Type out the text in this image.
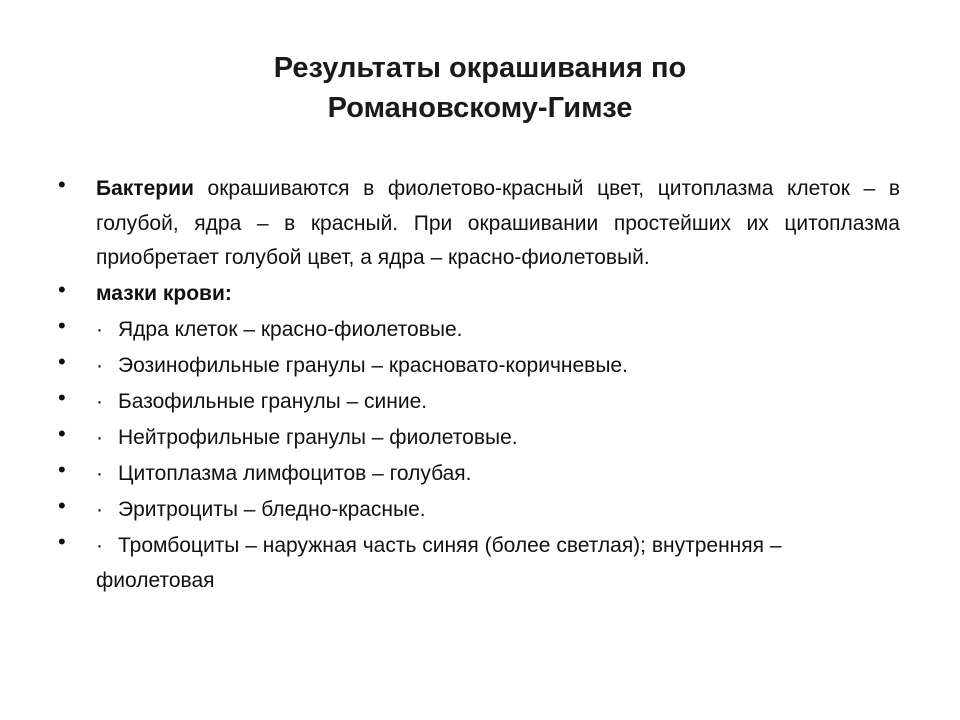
Результаты окрашивания по
Романовскому-Гимзе
• Бактерии окрашиваются в фиолетово-красный цвет, цитоплазма клеток – в голубой, ядра – в красный. При окрашивании простейших их цитоплазма приобретает голубой цвет, а ядра – красно-фиолетовый.
• мазки крови:
• · Ядра клеток – красно-фиолетовые.
• · Эозинофильные гранулы – красновато-коричневые.
• · Базофильные гранулы – синие.
• · Нейтрофильные гранулы – фиолетовые.
• · Цитоплазма лимфоцитов – голубая.
• · Эритроциты – бледно-красные.
• · Тромбоциты – наружная часть синяя (более светлая); внутренняя – фиолетовая
